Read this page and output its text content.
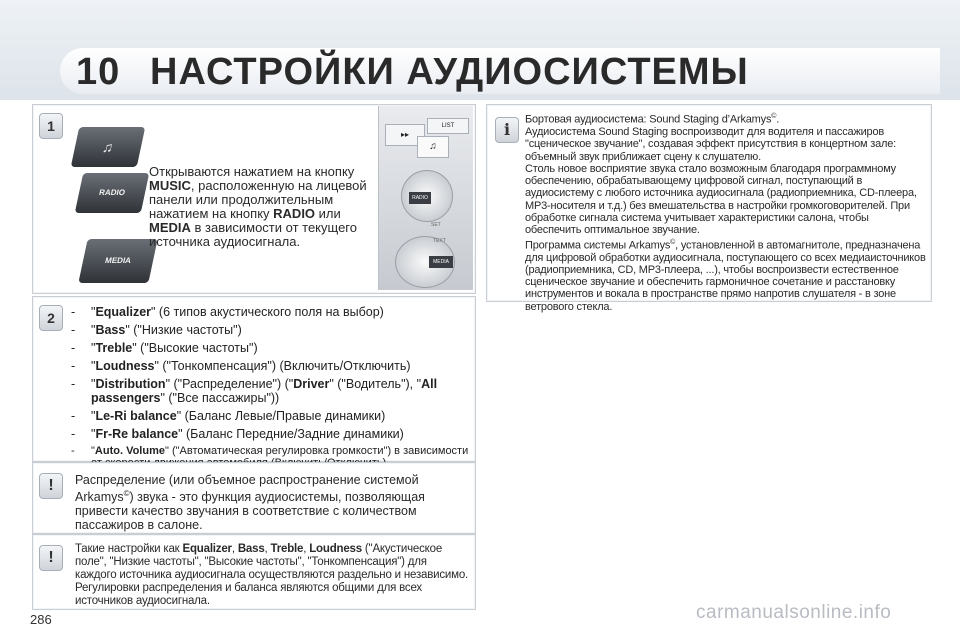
10 НАСТРОЙКИ АУДИОСИСТЕМЫ
1
♫
RADIO
MEDIA
Открываются нажатием на кнопку MUSIC, расположенную на лицевой панели или продолжительным нажатием на кнопку RADIO или MEDIA в зависимости от текущего источника аудиосигнала.
▸▸
LIST
♫
RADIO
SET
TEXT
MEDIA
2
-	"Equalizer" (6 типов акустического поля на выбор)
- "Bass" ("Низкие частоты")
- "Treble" ("Высокие частоты")
- "Loudness" ("Тонкомпенсация") (Включить/Отключить)
- "Distribution" ("Распределение") ("Driver" ("Водитель"), "All passengers" ("Все пассажиры"))
- "Le-Ri balance" (Баланс Левые/Правые динамики)
- "Fr-Re balance" (Баланс Передние/Задние динамики)
- "Auto. Volume" ("Автоматическая регулировка громкости") в зависимости
!	Распределение (или объемное распространение системой Arkamys©) звука - это функция аудиосистемы, позволяющая привести качество звучания в соответствие с количеством пассажиров в салоне.
!	Такие настройки как Equalizer, Bass, Treble, Loudness ("Акустическое поле", "Низкие частоты", "Высокие частоты", "Тонкомпенсация") для каждого источника аудиосигнала осуществляются раздельно и независимо. Регулировки распределения и баланса являются общими для всех источников аудиосигнала.
i
Бортовая аудиосистема: Sound Staging d’Arkamys©.
Аудиосистема Sound Staging воспроизводит для водителя и пассажиров "сценическое звучание", создавая эффект присутствия в концертном зале: объемный звук приближает сцену к слушателю.
Столь новое восприятие звука стало возможным благодаря программному обеспечению, обрабатывающему цифровой сигнал, поступающий в аудиосистему с любого источника аудиосигнала (радиоприемника, CD-плеера, MP3-носителя и т.д.) без вмешательства в настройки громкоговорителей. При обработке сигнала система учитывает характеристики салона, чтобы обеспечить оптимальное звучание.
Программа системы Arkamys©, установленной в автомагнитоле, предназначена для цифровой обработки аудиосигнала, поступающего со всех медиаисточников (радиоприемника, CD, MP3-плеера, ...), чтобы воспроизвести естественное сценическое звучание и обеспечить гармоничное сочетание и расстановку инструментов и вокала в пространстве прямо напротив слушателя - в зоне ветрового стекла.
286	carmanualsonline.info
